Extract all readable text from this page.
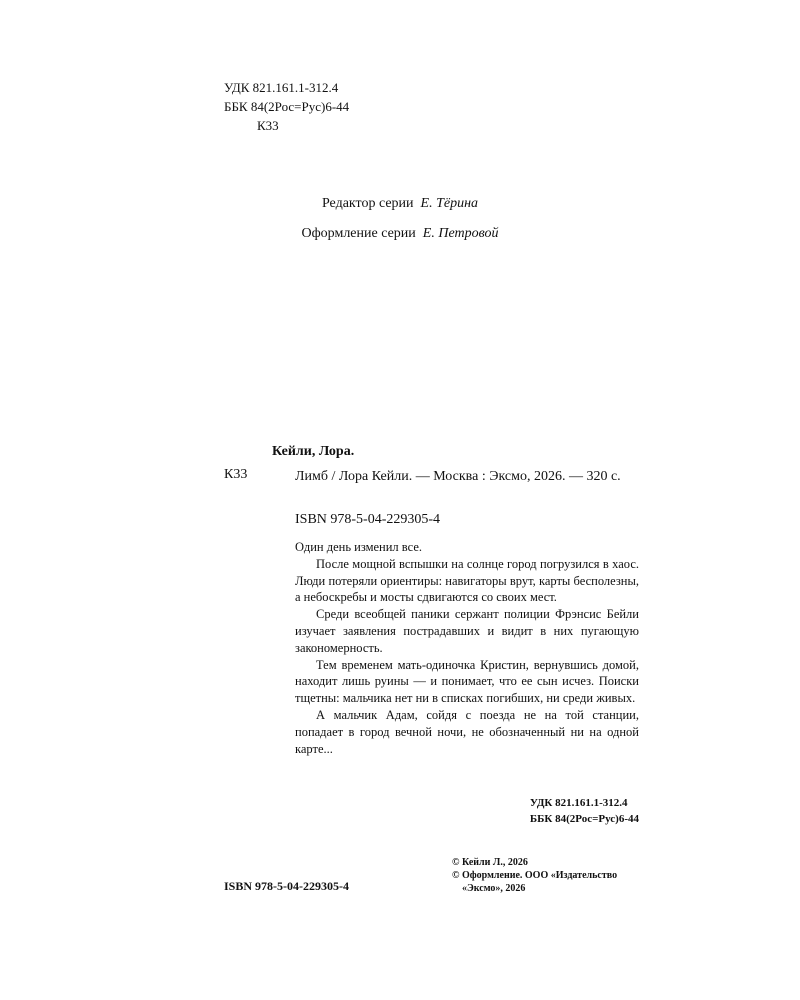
УДК 821.161.1-312.4
ББК 84(2Рос=Рус)6-44
К33
Редактор серии Е. Тёрина
Оформление серии Е. Петровой
Кейли, Лора.
К33	Лимб / Лора Кейли. — Москва : Эксмо, 2026. — 320 с.
ISBN 978-5-04-229305-4

Один день изменил все.

После мощной вспышки на солнце город погрузился в хаос. Люди потеряли ориентиры: навигаторы врут, карты бесполезны, а небоскребы и мосты сдвигаются со своих мест.

Среди всеобщей паники сержант полиции Фрэнсис Бейли изучает заявления пострадавших и видит в них пугающую закономерность.

Тем временем мать-одиночка Кристин, вернувшись домой, находит лишь руины — и понимает, что ее сын исчез. Поиски тщетны: мальчика нет ни в списках погибших, ни среди живых.

А мальчик Адам, сойдя с поезда не на той станции, попадает в город вечной ночи, не обозначенный ни на одной карте...

УДК 821.161.1-312.4
ББК 84(2Рос=Рус)6-44
© Кейли Л., 2026
© Оформление. ООО «Издательство
«Эксмо», 2026
ISBN 978-5-04-229305-4
